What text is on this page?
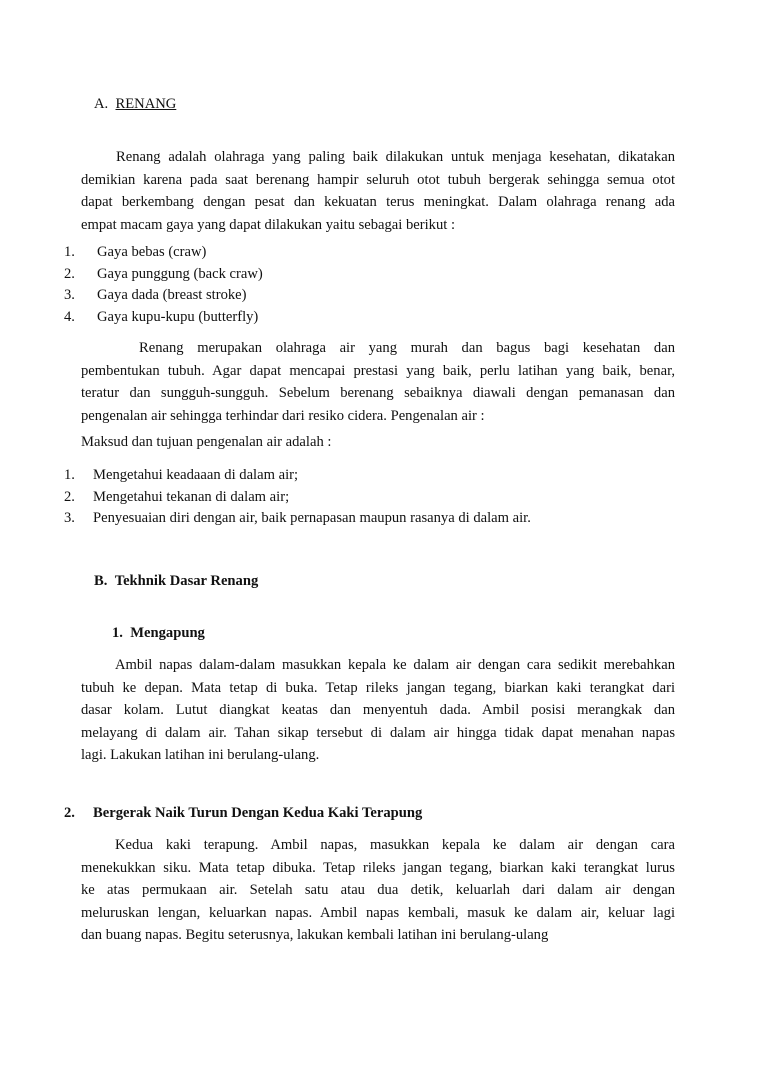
A. RENANG
Renang adalah olahraga yang paling baik dilakukan untuk menjaga kesehatan, dikatakan
demikian karena pada saat berenang hampir seluruh otot tubuh bergerak sehingga semua otot
dapat berkembang dengan pesat dan kekuatan terus meningkat. Dalam olahraga renang ada
empat macam gaya yang dapat dilakukan yaitu sebagai berikut :
1. Gaya bebas (craw)
2. Gaya punggung (back craw)
3. Gaya dada (breast stroke)
4. Gaya kupu-kupu (butterfly)
Renang merupakan olahraga air yang murah dan bagus bagi kesehatan dan
pembentukan tubuh. Agar dapat mencapai prestasi yang baik, perlu latihan yang baik, benar,
teratur dan sungguh-sungguh. Sebelum berenang sebaiknya diawali dengan pemanasan dan
pengenalan air sehingga terhindar dari resiko cidera. Pengenalan air :
Maksud dan tujuan pengenalan air adalah :
1. Mengetahui keadaaan di dalam air;
2. Mengetahui tekanan di dalam air;
3. Penyesuaian diri dengan air, baik pernapasan maupun rasanya di dalam air.
B. Tekhnik Dasar Renang
1. Mengapung
Ambil napas dalam-dalam masukkan kepala ke dalam air dengan cara sedikit merebahkan
tubuh ke depan. Mata tetap di buka. Tetap rileks jangan tegang, biarkan kaki terangkat dari
dasar kolam. Lutut diangkat keatas dan menyentuh dada. Ambil posisi merangkak dan
melayang di dalam air. Tahan sikap tersebut di dalam air hingga tidak dapat menahan napas
lagi. Lakukan latihan ini berulang-ulang.
2. Bergerak Naik Turun Dengan Kedua Kaki Terapung
Kedua kaki terapung. Ambil napas, masukkan kepala ke dalam air dengan cara
menekukkan siku. Mata tetap dibuka. Tetap rileks jangan tegang, biarkan kaki terangkat lurus
ke atas permukaan air. Setelah satu atau dua detik, keluarlah dari dalam air dengan
meluruskan lengan, keluarkan napas. Ambil napas kembali, masuk ke dalam air, keluar lagi
dan buang napas. Begitu seterusnya, lakukan kembali latihan ini berulang-ulang
